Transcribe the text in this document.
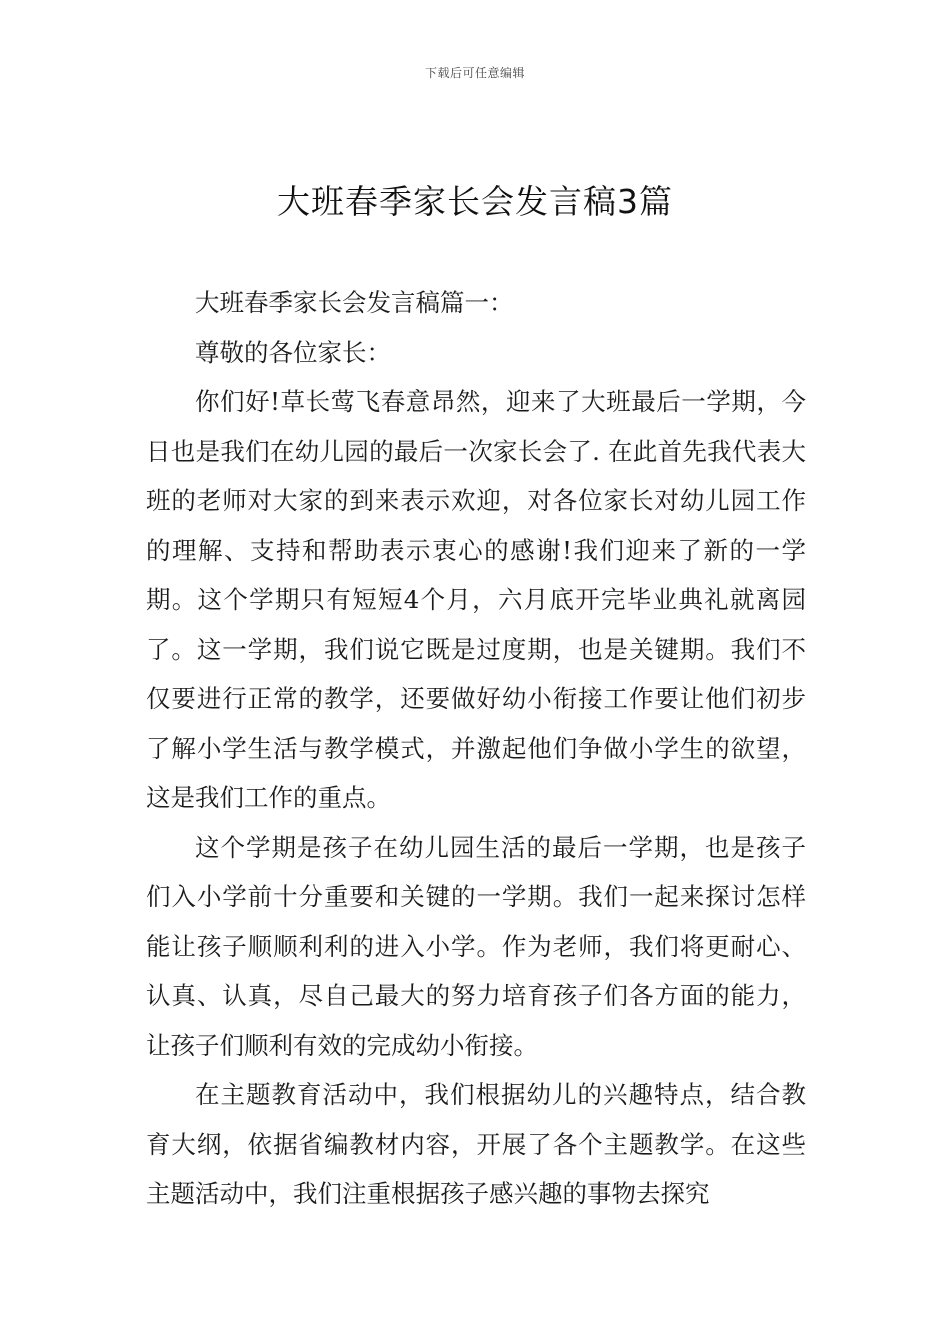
下载后可任意编辑
大班春季家长会发言稿3篇

大班春季家长会发言稿篇一：

尊敬的各位家长：

你们好!草长莺飞春意昂然，迎来了大班最后一学期，今日也是我们在幼儿园的最后一次家长会了. 在此首先我代表大班的老师对大家的到来表示欢迎，对各位家长对幼儿园工作的理解、支持和帮助表示衷心的感谢!我们迎来了新的一学期。这个学期只有短短4个月，六月底开完毕业典礼就离园了。这一学期，我们说它既是过度期，也是关键期。我们不仅要进行正常的教学，还要做好幼小衔接工作要让他们初步了解小学生活与教学模式，并激起他们争做小学生的欲望，这是我们工作的重点。

这个学期是孩子在幼儿园生活的最后一学期，也是孩子们入小学前十分重要和关键的一学期。我们一起来探讨怎样能让孩子顺顺利利的进入小学。作为老师，我们将更耐心、认真、认真，尽自己最大的努力培育孩子们各方面的能力，让孩子们顺利有效的完成幼小衔接。

在主题教育活动中，我们根据幼儿的兴趣特点，结合教育大纲，依据省编教材内容，开展了各个主题教学。在这些主题活动中，我们注重根据孩子感兴趣的事物去探究
